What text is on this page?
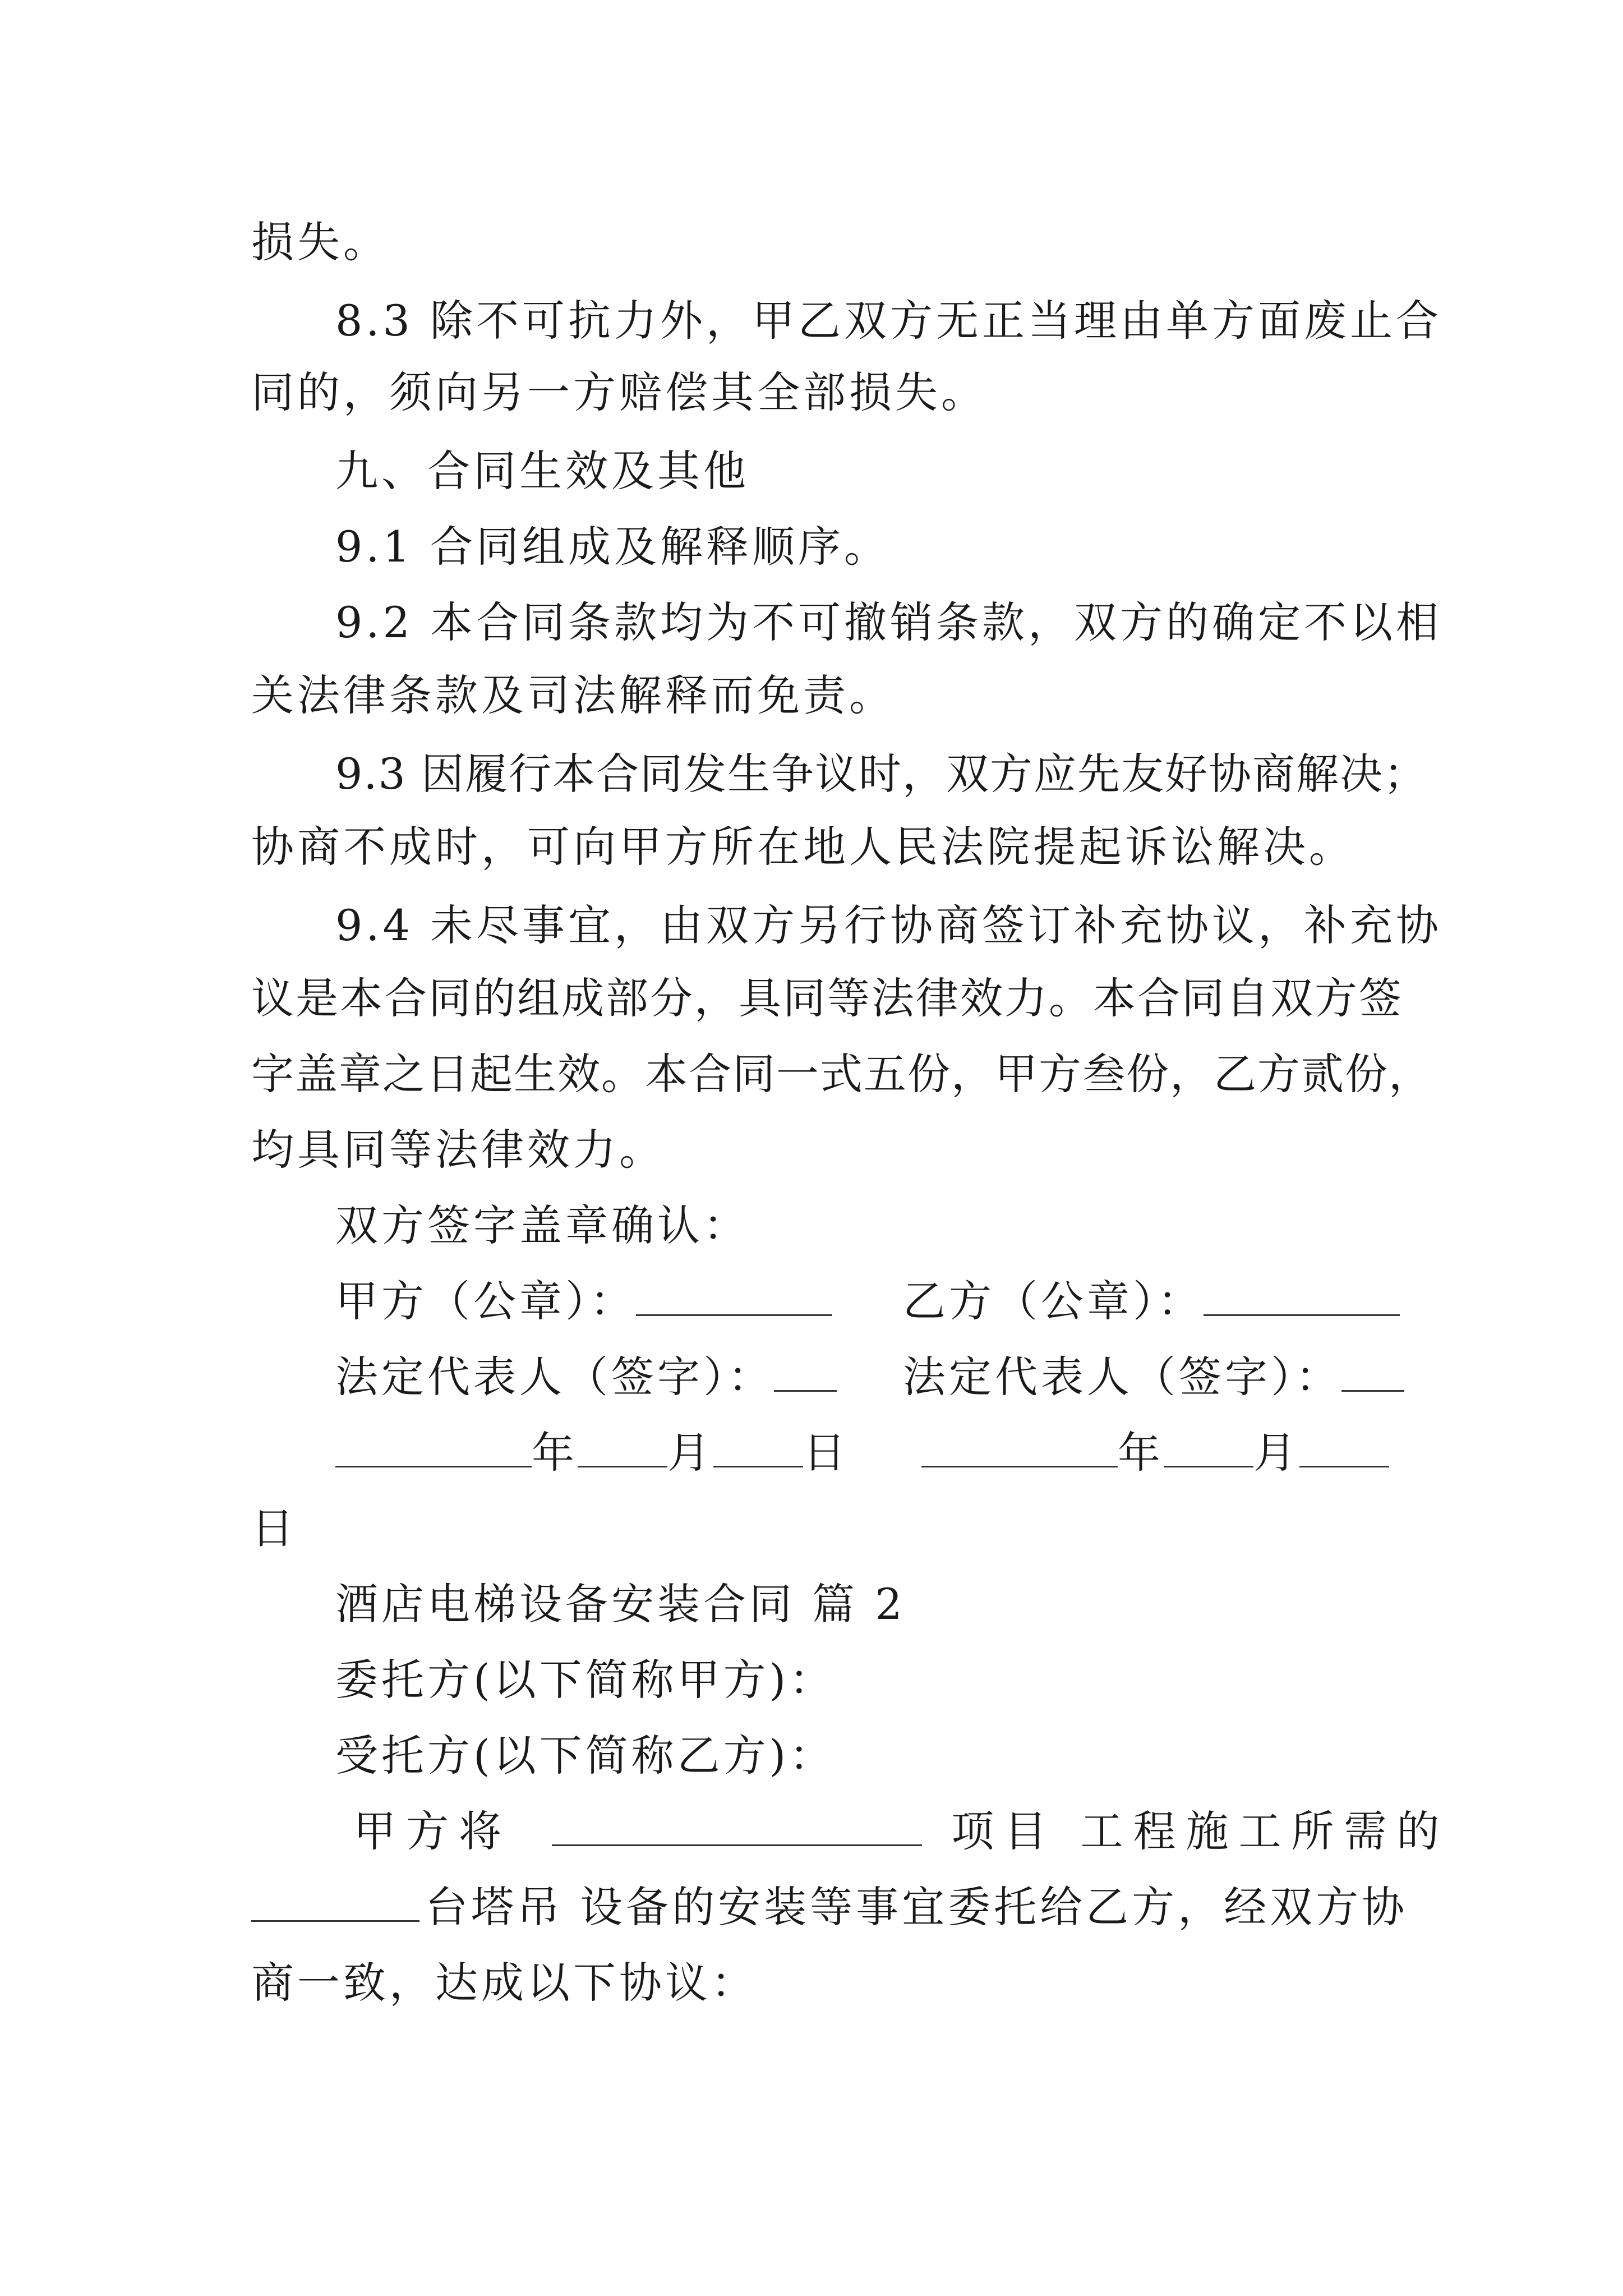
损失。
8.3 除不可抗力外，甲乙双方无正当理由单方面废止合
同的，须向另一方赔偿其全部损失。
九、合同生效及其他
9.1 合同组成及解释顺序。
9.2 本合同条款均为不可撤销条款，双方的确定不以相
关法律条款及司法解释而免责。
9.3 因履行本合同发生争议时，双方应先友好协商解决；
协商不成时，可向甲方所在地人民法院提起诉讼解决。
9.4 未尽事宜，由双方另行协商签订补充协议，补充协
议是本合同的组成部分，具同等法律效力。本合同自双方签
字盖章之日起生效。本合同一式五份，甲方叁份，乙方贰份，
均具同等法律效力。
双方签字盖章确认：
甲方（公章）：	乙方（公章）：
法定代表人（签字）：	法定代表人（签字）：
年 月 日	年 月
日
酒店电梯设备安装合同 篇 2
委托方(以下简称甲方)：
受托方(以下简称乙方)：
甲方将	项目 工程施工所需的
台塔吊 设备的安装等事宜委托给乙方，经双方协
商一致，达成以下协议：
